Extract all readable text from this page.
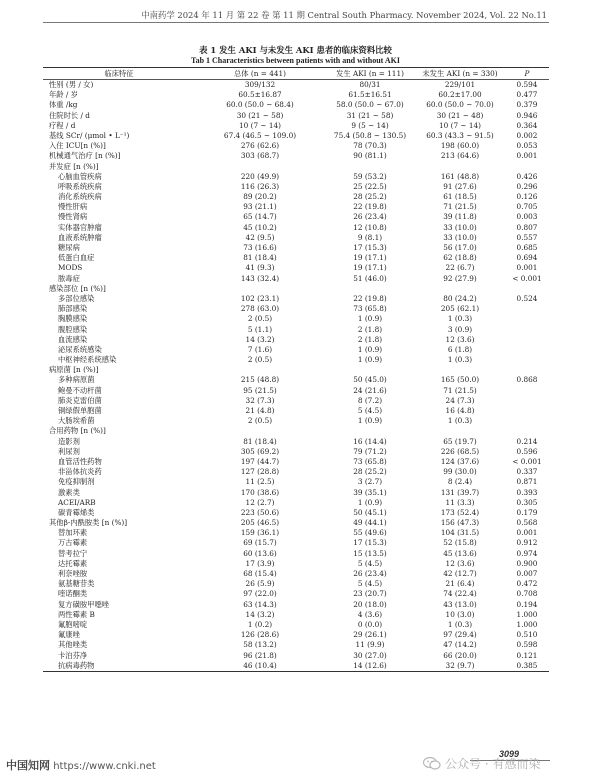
中南药学 2024 年 11 月 第 22 卷 第 11 期 Central South Pharmacy. November 2024, Vol. 22 No.11
表 1 发生 AKI 与未发生 AKI 患者的临床资料比较
Tab 1 Characteristics between patients with and without AKI
临床特征	总体 (n = 441)	发生 AKI (n = 111)	未发生 AKI (n = 330)	P
性别 (男 / 女)	309/132	80/31	229/101	0.594
年龄 / 岁	60.5±16.87	61.5±16.51	60.2±17.00	0.477
体重 /kg	60.0 (50.0 ~ 68.4)	58.0 (50.0 ~ 67.0)	60.0 (50.0 ~ 70.0)	0.379
住院时长 / d	30 (21 ~ 58)	31 (21 ~ 58)	30 (21 ~ 48)	0.946
疗程 / d	10 (7 ~ 14)	9 (5 ~ 14)	10 (7 ~ 14)	0.364
基线 SCr/ (μmol • L⁻¹)	67.4 (46.5 ~ 109.0)	75.4 (50.8 ~ 130.5)	60.3 (43.3 ~ 91.5)	0.002
入住 ICU[n (%)]	276 (62.6)	78 (70.3)	198 (60.0)	0.053
机械通气治疗 [n (%)]	303 (68.7)	90 (81.1)	213 (64.6)	0.001
并发症 [n (%)]
心脑血管疾病	220 (49.9)	59 (53.2)	161 (48.8)	0.426
呼吸系统疾病	116 (26.3)	25 (22.5)	91 (27.6)	0.296
消化系统疾病	89 (20.2)	28 (25.2)	61 (18.5)	0.126
慢性肝病	93 (21.1)	22 (19.8)	71 (21.5)	0.705
慢性肾病	65 (14.7)	26 (23.4)	39 (11.8)	0.003
实体器官肿瘤	45 (10.2)	12 (10.8)	33 (10.0)	0.807
血液系统肿瘤	42 (9.5)	9 (8.1)	33 (10.0)	0.557
糖尿病	73 (16.6)	17 (15.3)	56 (17.0)	0.685
低蛋白血症	81 (18.4)	19 (17.1)	62 (18.8)	0.694
MODS	41 (9.3)	19 (17.1)	22 (6.7)	0.001
脓毒症	143 (32.4)	51 (46.0)	92 (27.9)	< 0.001
感染部位 [n (%)]
多部位感染	102 (23.1)	22 (19.8)	80 (24.2)	0.524
肺部感染	278 (63.0)	73 (65.8)	205 (62.1)
胸膜感染	2 (0.5)	1 (0.9)	1 (0.3)
腹腔感染	5 (1.1)	2 (1.8)	3 (0.9)
血流感染	14 (3.2)	2 (1.8)	12 (3.6)
泌尿系统感染	7 (1.6)	1 (0.9)	6 (1.8)
中枢神经系统感染	2 (0.5)	1 (0.9)	1 (0.3)
病原菌 [n (%)]
多种病原菌	215 (48.8)	50 (45.0)	165 (50.0)	0.868
鲍曼不动杆菌	95 (21.5)	24 (21.6)	71 (21.5)
肺炎克雷伯菌	32 (7.3)	8 (7.2)	24 (7.3)
铜绿假单胞菌	21 (4.8)	5 (4.5)	16 (4.8)
大肠埃希菌	2 (0.5)	1 (0.9)	1 (0.3)
合用药物 [n (%)]
造影剂	81 (18.4)	16 (14.4)	65 (19.7)	0.214
利尿剂	305 (69.2)	79 (71.2)	226 (68.5)	0.596
血管活性药物	197 (44.7)	73 (65.8)	124 (37.6)	< 0.001
非甾体抗炎药	127 (28.8)	28 (25.2)	99 (30.0)	0.337
免疫抑制剂	11 (2.5)	3 (2.7)	8 (2.4)	0.871
激素类	170 (38.6)	39 (35.1)	131 (39.7)	0.393
ACEI/ARB	12 (2.7)	1 (0.9)	11 (3.3)	0.305
碳青霉烯类	223 (50.6)	50 (45.1)	173 (52.4)	0.179
其他β-内酰胺类 [n (%)]	205 (46.5)	49 (44.1)	156 (47.3)	0.568
替加环素	159 (36.1)	55 (49.6)	104 (31.5)	0.001
万古霉素	69 (15.7)	17 (15.3)	52 (15.8)	0.912
替考拉宁	60 (13.6)	15 (13.5)	45 (13.6)	0.974
达托霉素	17 (3.9)	5 (4.5)	12 (3.6)	0.900
利奈唑胺	68 (15.4)	26 (23.4)	42 (12.7)	0.007
氨基糖苷类	26 (5.9)	5 (4.5)	21 (6.4)	0.472
喹诺酮类	97 (22.0)	23 (20.7)	74 (22.4)	0.708
复方磺胺甲噁唑	63 (14.3)	20 (18.0)	43 (13.0)	0.194
两性霉素 B	14 (3.2)	4 (3.6)	10 (3.0)	1.000
氟胞嘧啶	1 (0.2)	0 (0.0)	1 (0.3)	1.000
氟康唑	126 (28.6)	29 (26.1)	97 (29.4)	0.510
其他唑类	58 (13.2)	11 (9.9)	47 (14.2)	0.598
卡泊芬净	96 (21.8)	30 (27.0)	66 (20.0)	0.121
抗病毒药物	46 (10.4)	14 (12.6)	32 (9.7)	0.385
3099
中国知网 https://www.cnki.net	公众号 · 有感而染
